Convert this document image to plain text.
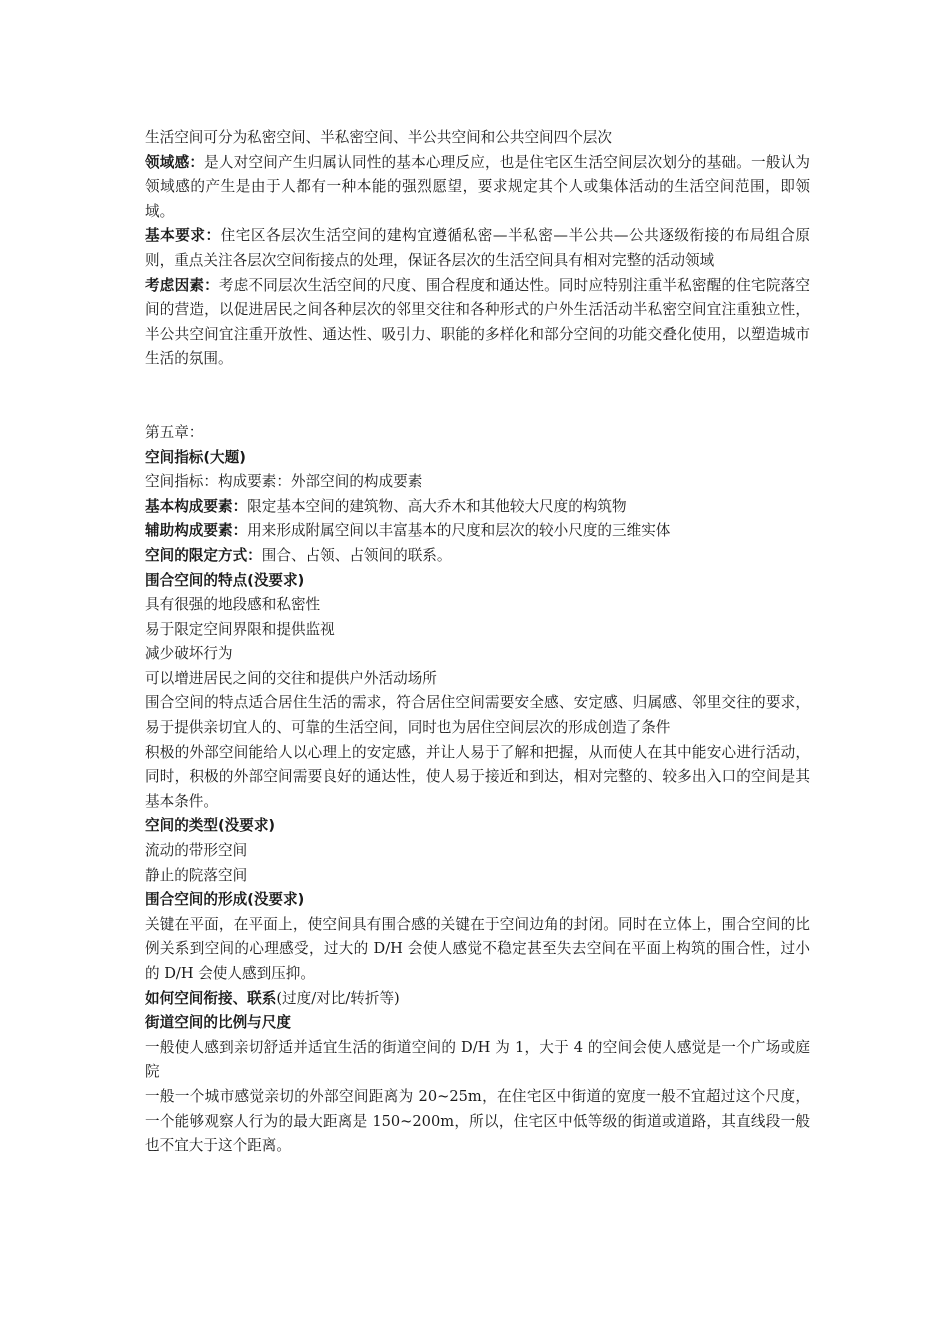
生活空间可分为私密空间、半私密空间、半公共空间和公共空间四个层次

领域感：是人对空间产生归属认同性的基本心理反应，也是住宅区生活空间层次划分的基础。一般认为领域感的产生是由于人都有一种本能的强烈愿望，要求规定其个人或集体活动的生活空间范围，即领域。

基本要求：住宅区各层次生活空间的建构宜遵循私密—半私密—半公共—公共逐级衔接的布局组合原则，重点关注各层次空间衔接点的处理，保证各层次的生活空间具有相对完整的活动领域

考虑因素：考虑不同层次生活空间的尺度、围合程度和通达性。同时应特别注重半私密醒的住宅院落空间的营造，以促进居民之间各种层次的邻里交往和各种形式的户外生活活动半私密空间宜注重独立性，半公共空间宜注重开放性、通达性、吸引力、职能的多样化和部分空间的功能交叠化使用，以塑造城市生活的氛围。

第五章：

空间指标(大题)

空间指标：构成要素：外部空间的构成要素

基本构成要素：限定基本空间的建筑物、高大乔木和其他较大尺度的构筑物

辅助构成要素：用来形成附属空间以丰富基本的尺度和层次的较小尺度的三维实体

空间的限定方式：围合、占领、占领间的联系。

围合空间的特点(没要求)

具有很强的地段感和私密性

易于限定空间界限和提供监视

减少破坏行为

可以增进居民之间的交往和提供户外活动场所

围合空间的特点适合居住生活的需求，符合居住空间需要安全感、安定感、归属感、邻里交往的要求，易于提供亲切宜人的、可靠的生活空间，同时也为居住空间层次的形成创造了条件

积极的外部空间能给人以心理上的安定感，并让人易于了解和把握，从而使人在其中能安心进行活动，同时，积极的外部空间需要良好的通达性，使人易于接近和到达，相对完整的、较多出入口的空间是其基本条件。

空间的类型(没要求)

流动的带形空间

静止的院落空间

围合空间的形成(没要求)

关键在平面，在平面上，使空间具有围合感的关键在于空间边角的封闭。同时在立体上，围合空间的比例关系到空间的心理感受，过大的 D/H 会使人感觉不稳定甚至失去空间在平面上构筑的围合性，过小的 D/H 会使人感到压抑。

如何空间衔接、联系(过度/对比/转折等)

街道空间的比例与尺度

一般使人感到亲切舒适并适宜生活的街道空间的 D/H 为 1，大于 4 的空间会使人感觉是一个广场或庭院

一般一个城市感觉亲切的外部空间距离为 20~25m，在住宅区中街道的宽度一般不宜超过这个尺度，一个能够观察人行为的最大距离是 150~200m，所以，住宅区中低等级的街道或道路，其直线段一般也不宜大于这个距离。
